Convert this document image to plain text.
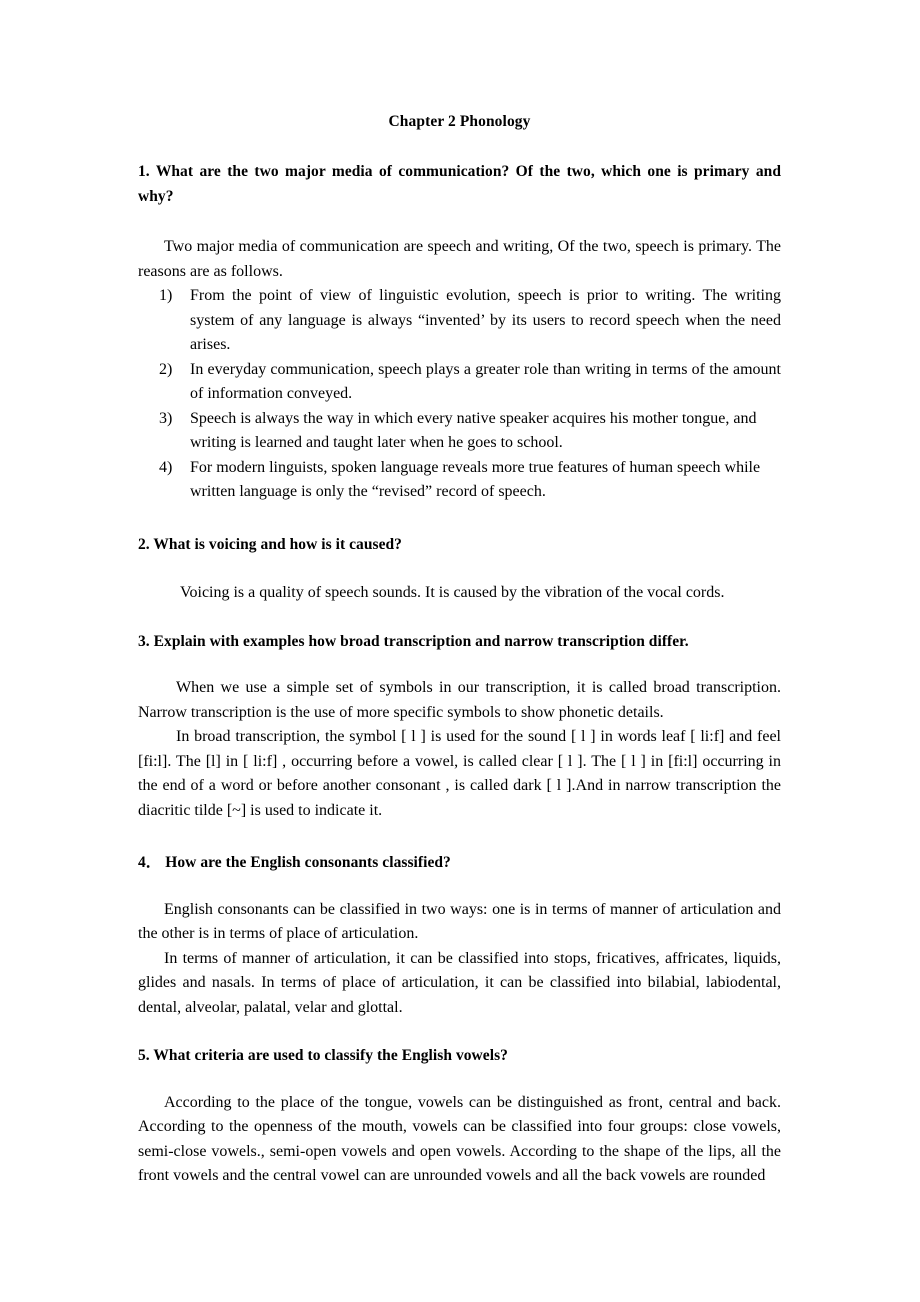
Chapter 2 Phonology
1. What are the two major media of communication? Of the two, which one is primary and why?

Two major media of communication are speech and writing, Of the two, speech is primary. The reasons are as follows.

1)	From the point of view of linguistic evolution, speech is prior to writing. The writing system of any language is always “invented’ by its users to record speech when the need arises.
2)	In everyday communication, speech plays a greater role than writing in terms of the amount of information conveyed.
3)	Speech is always the way in which every native speaker acquires his mother tongue, and writing is learned and taught later when he goes to school.
4)	For modern linguists, spoken language reveals more true features of human speech while written language is only the “revised” record of speech.
2. What is voicing and how is it caused?

Voicing is a quality of speech sounds. It is caused by the vibration of the vocal cords.

3. Explain with examples how broad transcription and narrow transcription differ.

When we use a simple set of symbols in our transcription, it is called broad transcription. Narrow transcription is the use of more specific symbols to show phonetic details.

In broad transcription, the symbol [ l ] is used for the sound [ l ] in words leaf [ li:f] and feel [fi:l]. The [l] in [ li:f] , occurring before a vowel, is called clear [ l ]. The [ l ] in [fi:l] occurring in the end of a word or before another consonant , is called dark [ l ].And in narrow transcription the diacritic tilde [~] is used to indicate it.

4． How are the English consonants classified?

English consonants can be classified in two ways: one is in terms of manner of articulation and the other is in terms of place of articulation.

In terms of manner of articulation, it can be classified into stops, fricatives, affricates, liquids, glides and nasals. In terms of place of articulation, it can be classified into bilabial, labiodental, dental, alveolar, palatal, velar and glottal.

5. What criteria are used to classify the English vowels?

According to the place of the tongue, vowels can be distinguished as front, central and back. According to the openness of the mouth, vowels can be classified into four groups: close vowels, semi-close vowels., semi-open vowels and open vowels. According to the shape of the lips, all the front vowels and the central vowel can are unrounded vowels and all the back vowels are rounded
